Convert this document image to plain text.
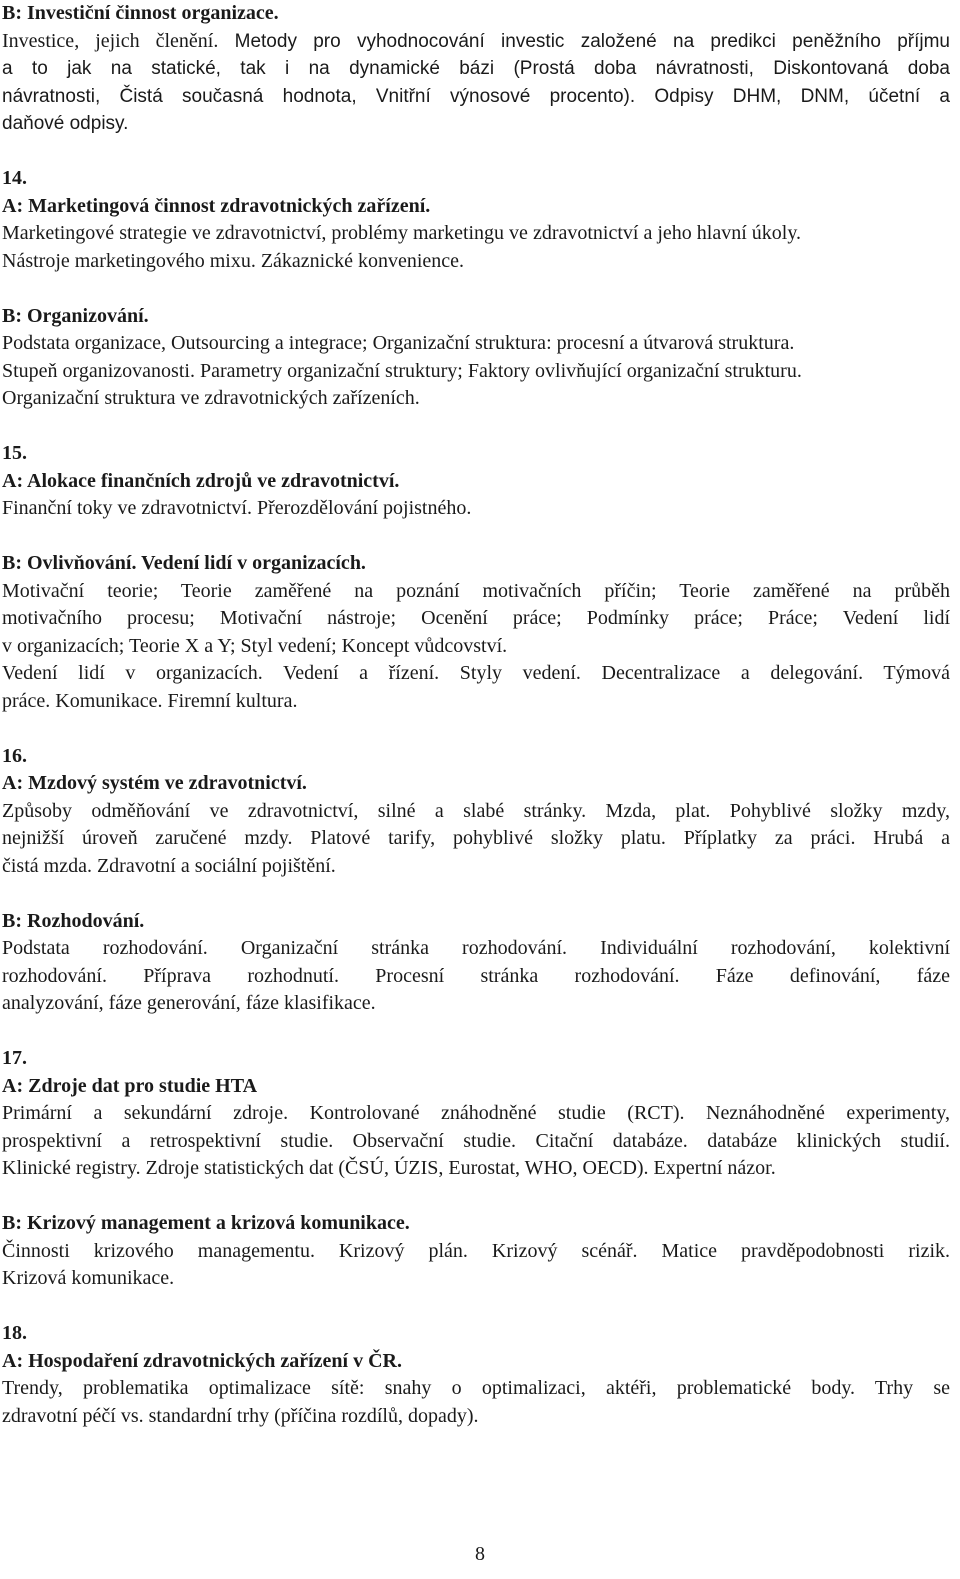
B: Investiční činnost organizace.

Investice, jejich členění. Metody pro vyhodnocování investic založené na predikci peněžního příjmu

a to jak na statické, tak i na dynamické bázi (Prostá doba návratnosti, Diskontovaná doba

návratnosti, Čistá současná hodnota, Vnitřní výnosové procento). Odpisy DHM, DNM, účetní a

daňové odpisy.

14.

A: Marketingová činnost zdravotnických zařízení.

Marketingové strategie ve zdravotnictví, problémy marketingu ve zdravotnictví a jeho hlavní úkoly.

Nástroje marketingového mixu. Zákaznické konvenience.

B: Organizování.

Podstata organizace, Outsourcing a integrace; Organizační struktura: procesní a útvarová struktura.

Stupeň organizovanosti. Parametry organizační struktury; Faktory ovlivňující organizační strukturu.

Organizační struktura ve zdravotnických zařízeních.

15.

A: Alokace finančních zdrojů ve zdravotnictví.

Finanční toky ve zdravotnictví. Přerozdělování pojistného.

B: Ovlivňování. Vedení lidí v organizacích.

Motivační teorie; Teorie zaměřené na poznání motivačních příčin; Teorie zaměřené na průběh

motivačního procesu; Motivační nástroje; Ocenění práce; Podmínky práce; Práce; Vedení lidí

v organizacích; Teorie X a Y; Styl vedení; Koncept vůdcovství.

Vedení lidí v organizacích. Vedení a řízení. Styly vedení. Decentralizace a delegování. Týmová

práce. Komunikace. Firemní kultura.

16.

A: Mzdový systém ve zdravotnictví.

Způsoby odměňování ve zdravotnictví, silné a slabé stránky. Mzda, plat. Pohyblivé složky mzdy,

nejnižší úroveň zaručené mzdy. Platové tarify, pohyblivé složky platu. Příplatky za práci. Hrubá a

čistá mzda. Zdravotní a sociální pojištění.

B: Rozhodování.

Podstata rozhodování. Organizační stránka rozhodování. Individuální rozhodování, kolektivní

rozhodování. Příprava rozhodnutí. Procesní stránka rozhodování. Fáze definování, fáze

analyzování, fáze generování, fáze klasifikace.

17.

A: Zdroje dat pro studie HTA

Primární a sekundární zdroje. Kontrolované znáhodněné studie (RCT). Neznáhodněné experimenty,

prospektivní a retrospektivní studie. Observační studie. Citační databáze. databáze klinických studií.

Klinické registry. Zdroje statistických dat (ČSÚ, ÚZIS, Eurostat, WHO, OECD). Expertní názor.

B: Krizový management a krizová komunikace.

Činnosti krizového managementu. Krizový plán. Krizový scénář. Matice pravděpodobnosti rizik.

Krizová komunikace.

18.

A: Hospodaření zdravotnických zařízení v ČR.

Trendy, problematika optimalizace sítě: snahy o optimalizaci, aktéři, problematické body. Trhy se

zdravotní péčí vs. standardní trhy (příčina rozdílů, dopady).

8
